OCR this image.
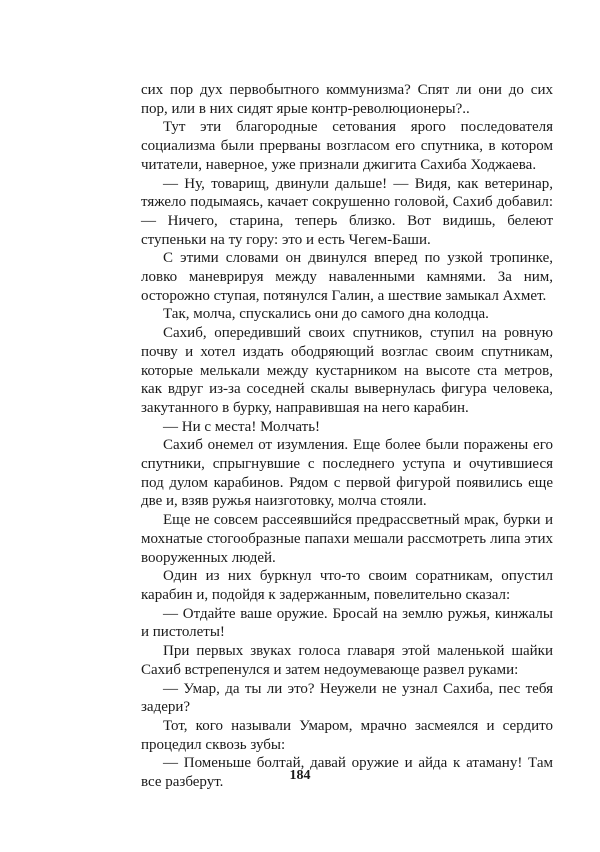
сих пор дух первобытного коммунизма? Спят ли они до сих пор, или в них сидят ярые контр-революционеры?..

Тут эти благородные сетования ярого последователя социализма были прерваны возгласом его спутника, в котором читатели, наверное, уже признали джигита Сахиба Ходжаева.

— Ну, товарищ, двинули дальше! — Видя, как ветеринар, тяжело подымаясь, качает сокрушенно головой, Сахиб добавил: — Ничего, старина, теперь близко. Вот видишь, белеют ступеньки на ту гору: это и есть Чегем-Баши.

С этими словами он двинулся вперед по узкой тропинке, ловко маневрируя между наваленными камнями. За ним, осторожно ступая, потянулся Галин, а шествие замыкал Ахмет.

Так, молча, спускались они до самого дна колодца.

Сахиб, опередивший своих спутников, ступил на ровную почву и хотел издать ободряющий возглас своим спутникам, которые мелькали между кустарником на высоте ста метров, как вдруг из-за соседней скалы вывернулась фигура человека, закутанного в бурку, направившая на него карабин.

— Ни с места! Молчать!

Сахиб онемел от изумления. Еще более были поражены его спутники, спрыгнувшие с последнего уступа и очутившиеся под дулом карабинов. Рядом с первой фигурой появились еще две и, взяв ружья наизготовку, молча стояли.

Еще не совсем рассеявшийся предрассветный мрак, бурки и мохнатые стогообразные папахи мешали рассмотреть липа этих вооруженных людей.

Один из них буркнул что-то своим соратникам, опустил карабин и, подойдя к задержанным, повелительно сказал:

— Отдайте ваше оружие. Бросай на землю ружья, кинжалы и пистолеты!

При первых звуках голоса главаря этой маленькой шайки Сахиб встрепенулся и затем недоумевающе развел руками:

— Умар, да ты ли это? Неужели не узнал Сахиба, пес тебя задери?

Тот, кого называли Умаром, мрачно засмеялся и сердито процедил сквозь зубы:

— Поменьше болтай, давай оружие и айда к атаману! Там все разберут.	184
